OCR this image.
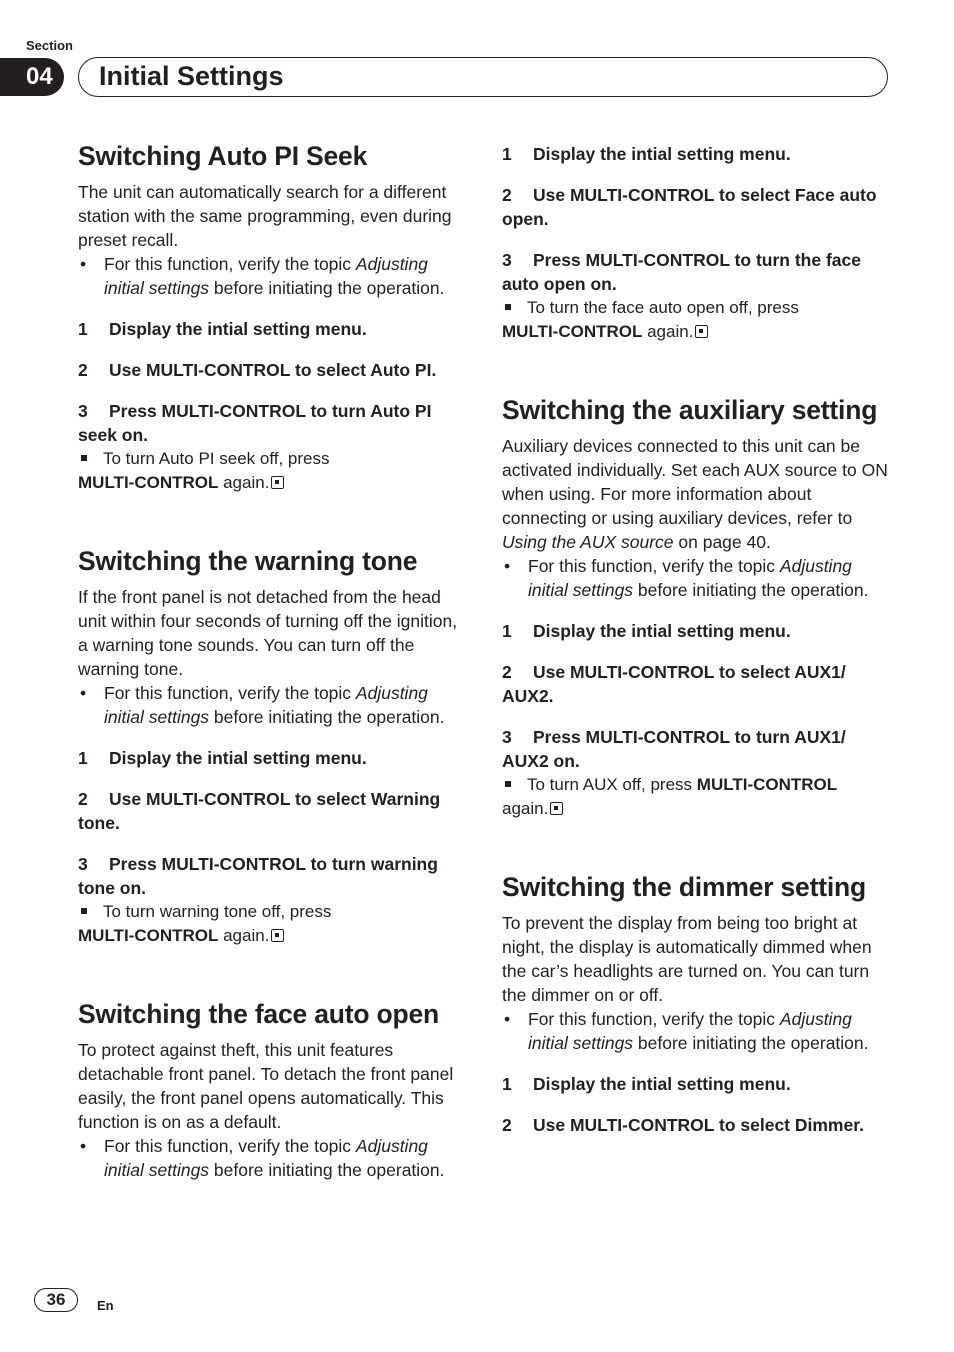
Section
04	Initial Settings
Switching Auto PI Seek

The unit can automatically search for a different station with the same programming, even during preset recall.

• For this function, verify the topic Adjusting initial settings before initiating the operation.

1 Display the intial setting menu.

2 Use MULTI-CONTROL to select Auto PI.

3 Press MULTI-CONTROL to turn Auto PI seek on.

To turn Auto PI seek off, press
MULTI-CONTROL again.

Switching the warning tone

If the front panel is not detached from the head unit within four seconds of turning off the ignition, a warning tone sounds. You can turn off the warning tone.

• For this function, verify the topic Adjusting initial settings before initiating the operation.

1 Display the intial setting menu.

2 Use MULTI-CONTROL to select Warning tone.

3 Press MULTI-CONTROL to turn warning tone on.

To turn warning tone off, press
MULTI-CONTROL again.

Switching the face auto open

To protect against theft, this unit features detachable front panel. To detach the front panel easily, the front panel opens automatically. This function is on as a default.

• For this function, verify the topic Adjusting initial settings before initiating the operation.

1 Display the intial setting menu.

2 Use MULTI-CONTROL to select Face auto open.

3 Press MULTI-CONTROL to turn the face auto open on.

To turn the face auto open off, press
MULTI-CONTROL again.

Switching the auxiliary setting

Auxiliary devices connected to this unit can be activated individually. Set each AUX source to ON when using. For more information about connecting or using auxiliary devices, refer to Using the AUX source on page 40.

• For this function, verify the topic Adjusting initial settings before initiating the operation.

1 Display the intial setting menu.

2 Use MULTI-CONTROL to select AUX1/ AUX2.

3 Press MULTI-CONTROL to turn AUX1/ AUX2 on.

To turn AUX off, press MULTI-CONTROL
again.

Switching the dimmer setting

To prevent the display from being too bright at night, the display is automatically dimmed when the car’s headlights are turned on. You can turn the dimmer on or off.

• For this function, verify the topic Adjusting initial settings before initiating the operation.

1 Display the intial setting menu.

2 Use MULTI-CONTROL to select Dimmer.

36	En
